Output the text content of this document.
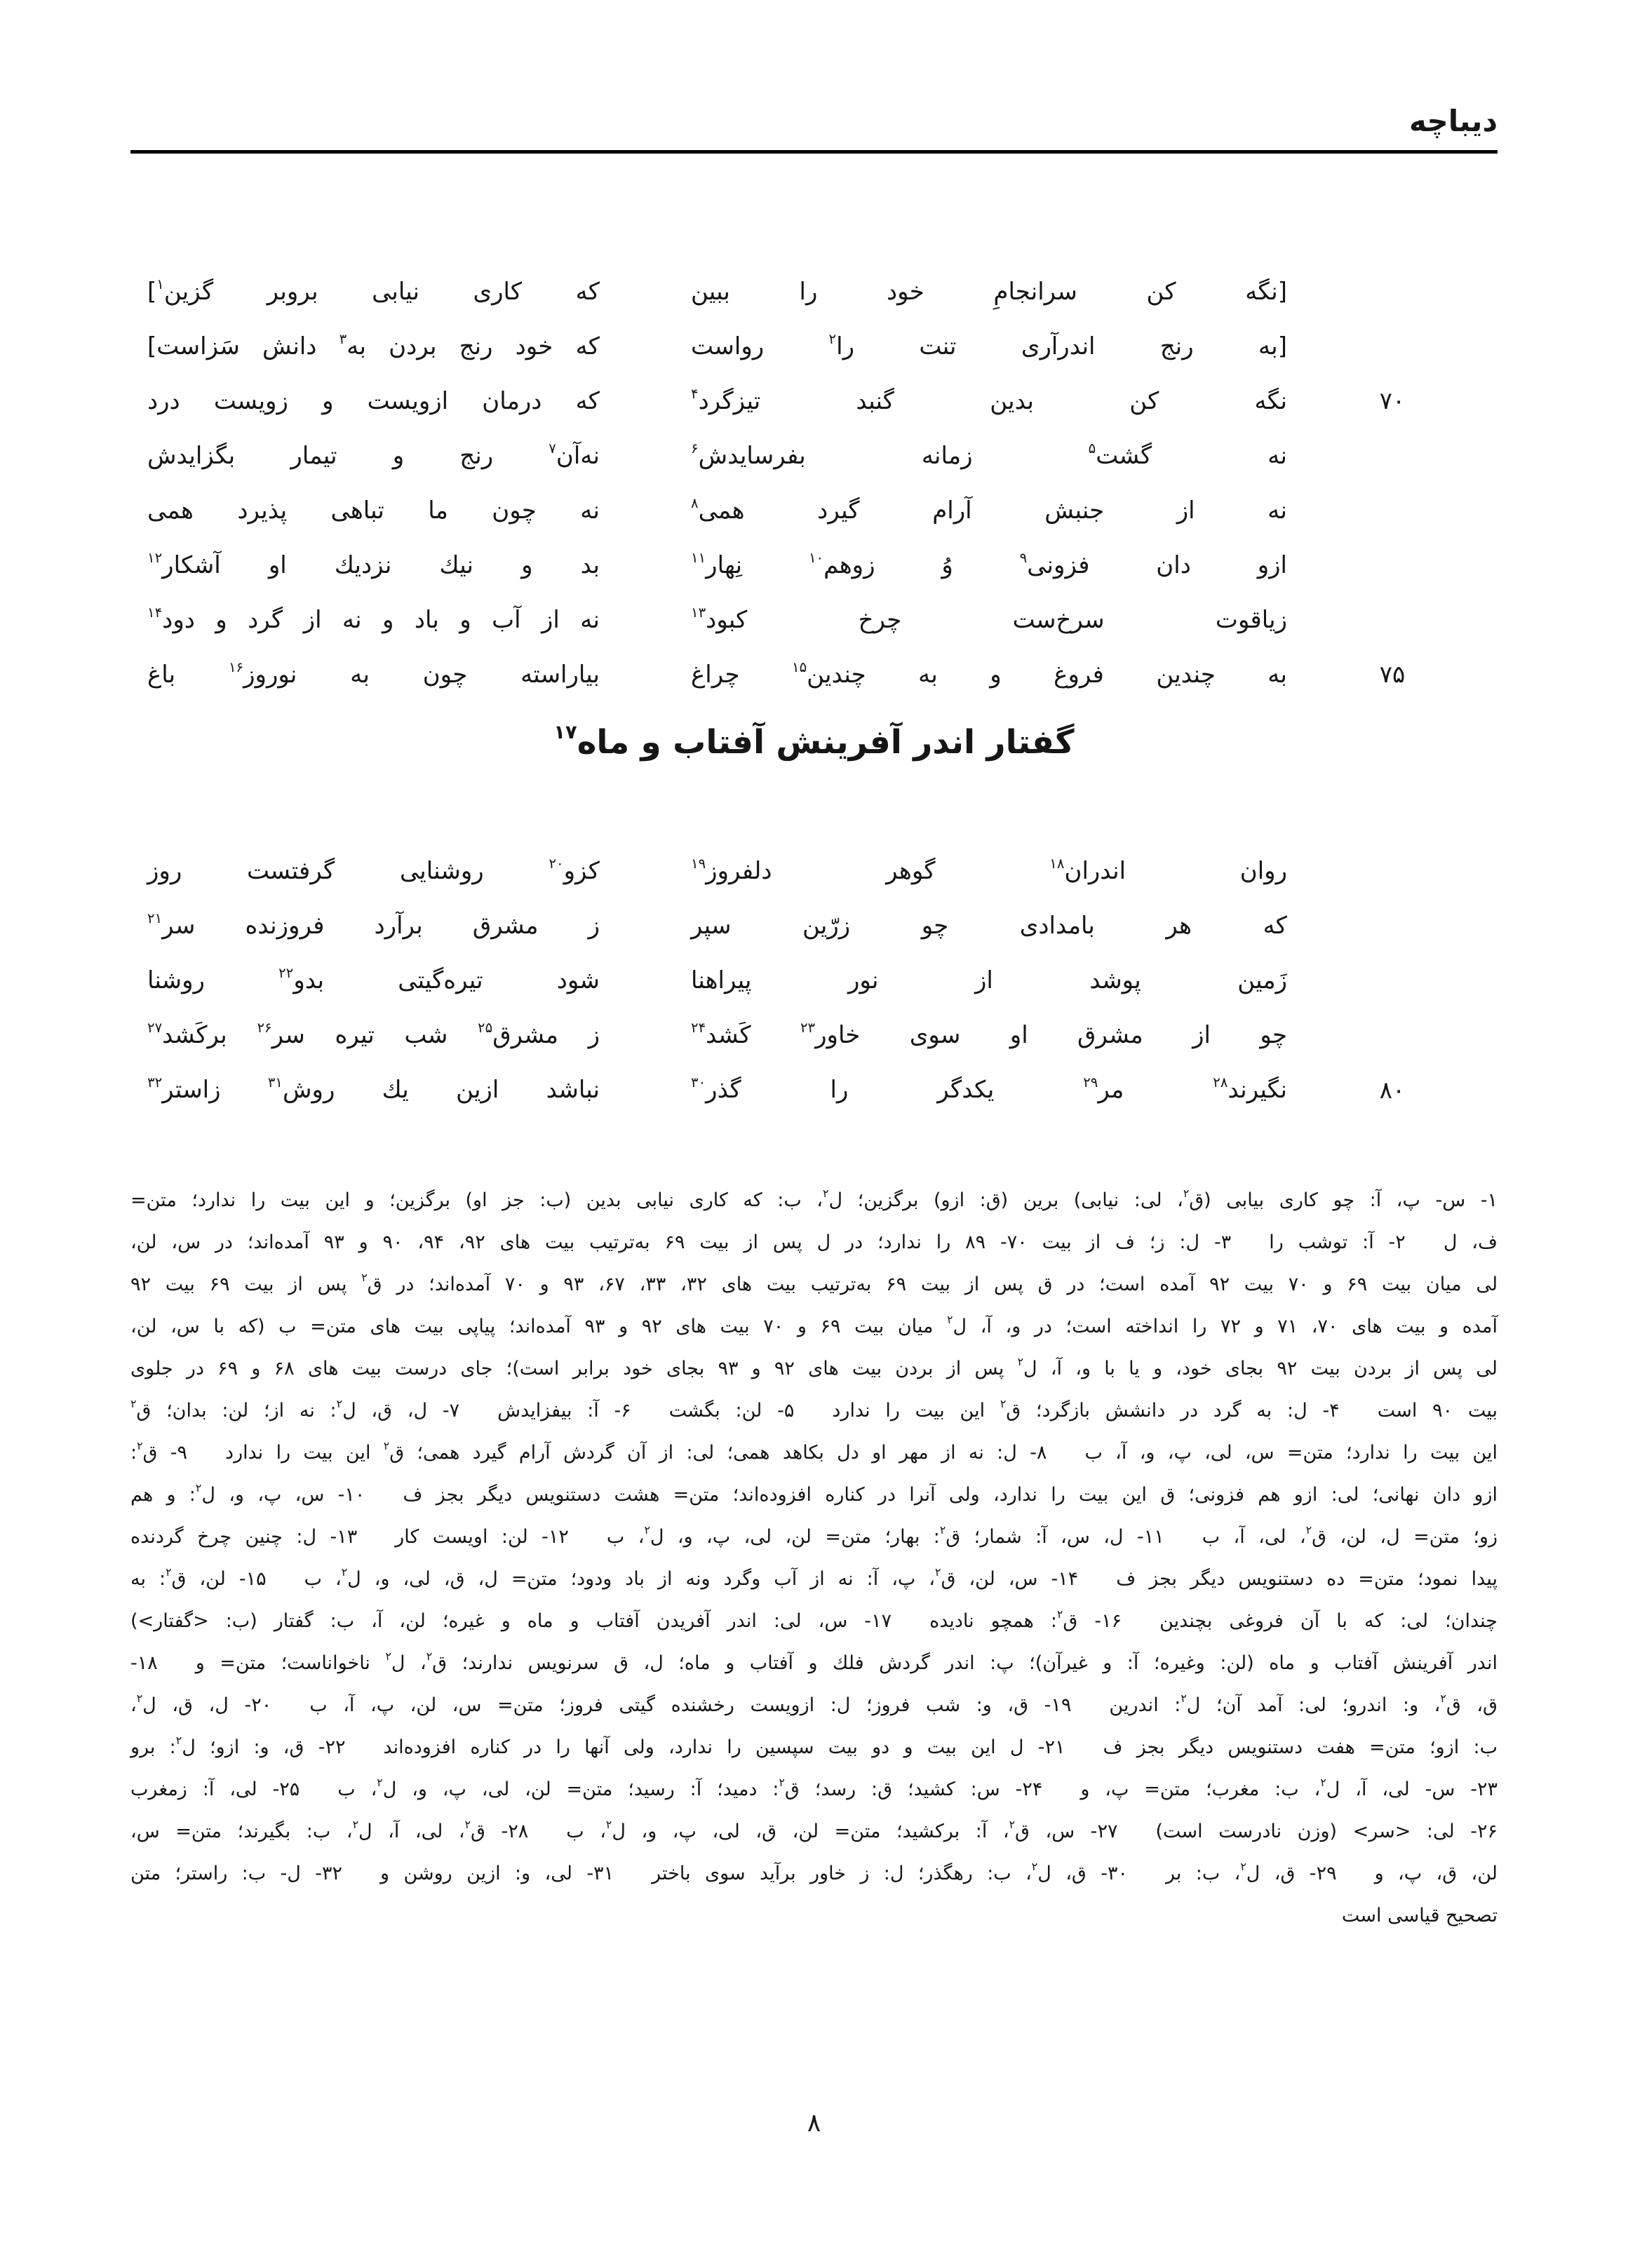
دیباچه
[نگه کن سرانجامِ خود را ببین
که کاری نیابی بروبر گزین$^۱$]
[به رنج اندرآری تنت را$^۲$ رواست
که خود رنج بردن به$^۳$ دانش سَزاست]
۷۰
نگه کن بدین گنبد تیزگرد$^۴$
که درمان ازویست و زویست درد
نه گشت$^۵$ زمانه بفرسایدش$^۶$
نه‌آن$^۷$ رنج و تیمار بگزایدش
نه از جنبش آرام گیرد همی$^۸$
نه چون ما تباهی پذیرد همی
ازو دان فزونی$^۹$ وُ زوهم$^{۱۰}$ نِهار$^{۱۱}$
بد و نیك نزدیك او آشکار$^{۱۲}$
زیاقوت سرخ‌ست چرخ کبود$^{۱۳}$
نه از آب و باد و نه از گرد و دود$^{۱۴}$
۷۵
به چندین فروغ و به چندین$^{۱۵}$ چراغ
بیاراسته چون به نوروز$^{۱۶}$ باغ
گفتار اندر آفرینش آفتاب و ماه$^{۱۷}$
روان اندران$^{۱۸}$ گوهر دلفروز$^{۱۹}$
کزو$^{۲۰}$ روشنایی گرفتست روز
که هر بامدادی چو زرّین سپر
ز مشرق برآرد فروزنده سر$^{۲۱}$
زَمین پوشد از نور پیراهنا
شود تیره‌گیتی بدو$^{۲۲}$ روشنا
چو از مشرق او سوی خاور$^{۲۳}$ کَشد$^{۲۴}$
ز مشرق$^{۲۵}$ شب تیره سر$^{۲۶}$ برکَشد$^{۲۷}$
۸۰
نگیرند$^{۲۸}$ مر$^{۲۹}$ یکدگر را گذر$^{۳۰}$
نباشد ازین یك روش$^{۳۱}$ زاستر$^{۳۲}$
۱- س- پ، آ: چو کاری بیابی (ق$^۲$، لی: نیابی) برین (ق: ازو) برگزین؛ ل$^۲$، ب: که کاری نیابی بدین (ب: جز او) برگزین؛ و این بیت را ندارد؛ متن=
ف، ل  ۲- آ: توشب را  ۳- ل: ز؛ ف از بیت ۷۰- ۸۹ را ندارد؛ در ل پس از بیت ۶۹ به‌ترتیب بیت های ۹۲، ۹۴، ۹۰ و ۹۳ آمده‌اند؛ در س، لن،
لی میان بیت ۶۹ و ۷۰ بیت ۹۲ آمده است؛ در ق پس از بیت ۶۹ به‌ترتیب بیت های ۳۲، ۳۳، ۶۷، ۹۳ و ۷۰ آمده‌اند؛ در ق$^۲$ پس از بیت ۶۹ بیت ۹۲
آمده و بیت های ۷۰، ۷۱ و ۷۲ را انداخته است؛ در و، آ، ل$^۲$ میان بیت ۶۹ و ۷۰ بیت های ۹۲ و ۹۳ آمده‌اند؛ پیاپی بیت های متن= ب (که با س، لن،
لی پس از بردن بیت ۹۲ بجای خود، و یا با و، آ، ل$^۲$ پس از بردن بیت های ۹۲ و ۹۳ بجای خود برابر است)؛ جای درست بیت های ۶۸ و ۶۹ در جلوی
بیت ۹۰ است  ۴- ل: به گرد در دانشش بازگرد؛ ق$^۲$ این بیت را ندارد  ۵- لن: بگشت  ۶- آ: بیفزایدش  ۷- ل، ق، ل$^۲$: نه از؛ لن: بدان؛ ق$^۲$
این بیت را ندارد؛ متن= س، لی، پ، و، آ، ب  ۸- ل: نه از مهر او دل بکاهد همی؛ لی: از آن گردش آرام گیرد همی؛ ق$^۲$ این بیت را ندارد  ۹- ق$^۲$:
ازو دان نهانی؛ لی: ازو هم فزونی؛ ق این بیت را ندارد، ولی آنرا در کناره افزوده‌اند؛ متن= هشت دستنویس دیگر بجز ف  ۱۰- س، پ، و، ل$^۲$: و هم
زو؛ متن= ل، لن، ق$^۲$، لی، آ، ب  ۱۱- ل، س، آ: شمار؛ ق$^۲$: بهار؛ متن= لن، لی، پ، و، ل$^۲$، ب  ۱۲- لن: اویست کار  ۱۳- ل: چنین چرخ گردنده
پیدا نمود؛ متن= ده دستنویس دیگر بجز ف  ۱۴- س، لن، ق$^۲$، پ، آ: نه از آب وگرد ونه از باد ودود؛ متن= ل، ق، لی، و، ل$^۲$، ب  ۱۵- لن، ق$^۲$: به
چندان؛ لی: که با آن فروغی بچندین  ۱۶- ق$^۲$: همچو نادیده  ۱۷- س، لی: اندر آفریدن آفتاب و ماه و غیره؛ لن، آ، ب: گفتار (ب: <گفتار>)
اندر آفرینش آفتاب و ماه (لن: وغیره؛ آ: و غیرآن)؛ پ: اندر گردش فلك و آفتاب و ماه؛ ل، ق سرنویس ندارند؛ ق$^۲$، ل$^۲$ ناخواناست؛ متن= و  ۱۸-
ق، ق$^۲$، و: اندرو؛ لی: آمد آن؛ ل$^۲$: اندرین  ۱۹- ق، و: شب فروز؛ ل: ازویست رخشنده گیتی فروز؛ متن= س، لن، پ، آ، ب  ۲۰- ل، ق، ل$^۲$،
ب: ازو؛ متن= هفت دستنویس دیگر بجز ف  ۲۱- ل این بیت و دو بیت سپسین را ندارد، ولی آنها را در کناره افزوده‌اند  ۲۲- ق، و: ازو؛ ل$^۲$: برو
۲۳- س- لی، آ، ل$^۲$، ب: مغرب؛ متن= پ، و  ۲۴- س: کشید؛ ق: رسد؛ ق$^۲$: دمید؛ آ: رسید؛ متن= لن، لی، پ، و، ل$^۲$، ب  ۲۵- لی، آ: زمغرب
۲۶- لی: <سر> (وزن نادرست است)  ۲۷- س، ق$^۲$، آ: برکشید؛ متن= لن، ق، لی، پ، و، ل$^۲$، ب  ۲۸- ق$^۲$، لی، آ، ل$^۲$، ب: بگیرند؛ متن= س،
لن، ق، پ، و  ۲۹- ق، ل$^۲$، ب: بر  ۳۰- ق، ل$^۲$، ب: رهگذر؛ ل: ز خاور برآید سوی باختر  ۳۱- لی، و: ازین روشن و  ۳۲- ل- ب: راستر؛ متن
تصحیح قیاسی است
۸
